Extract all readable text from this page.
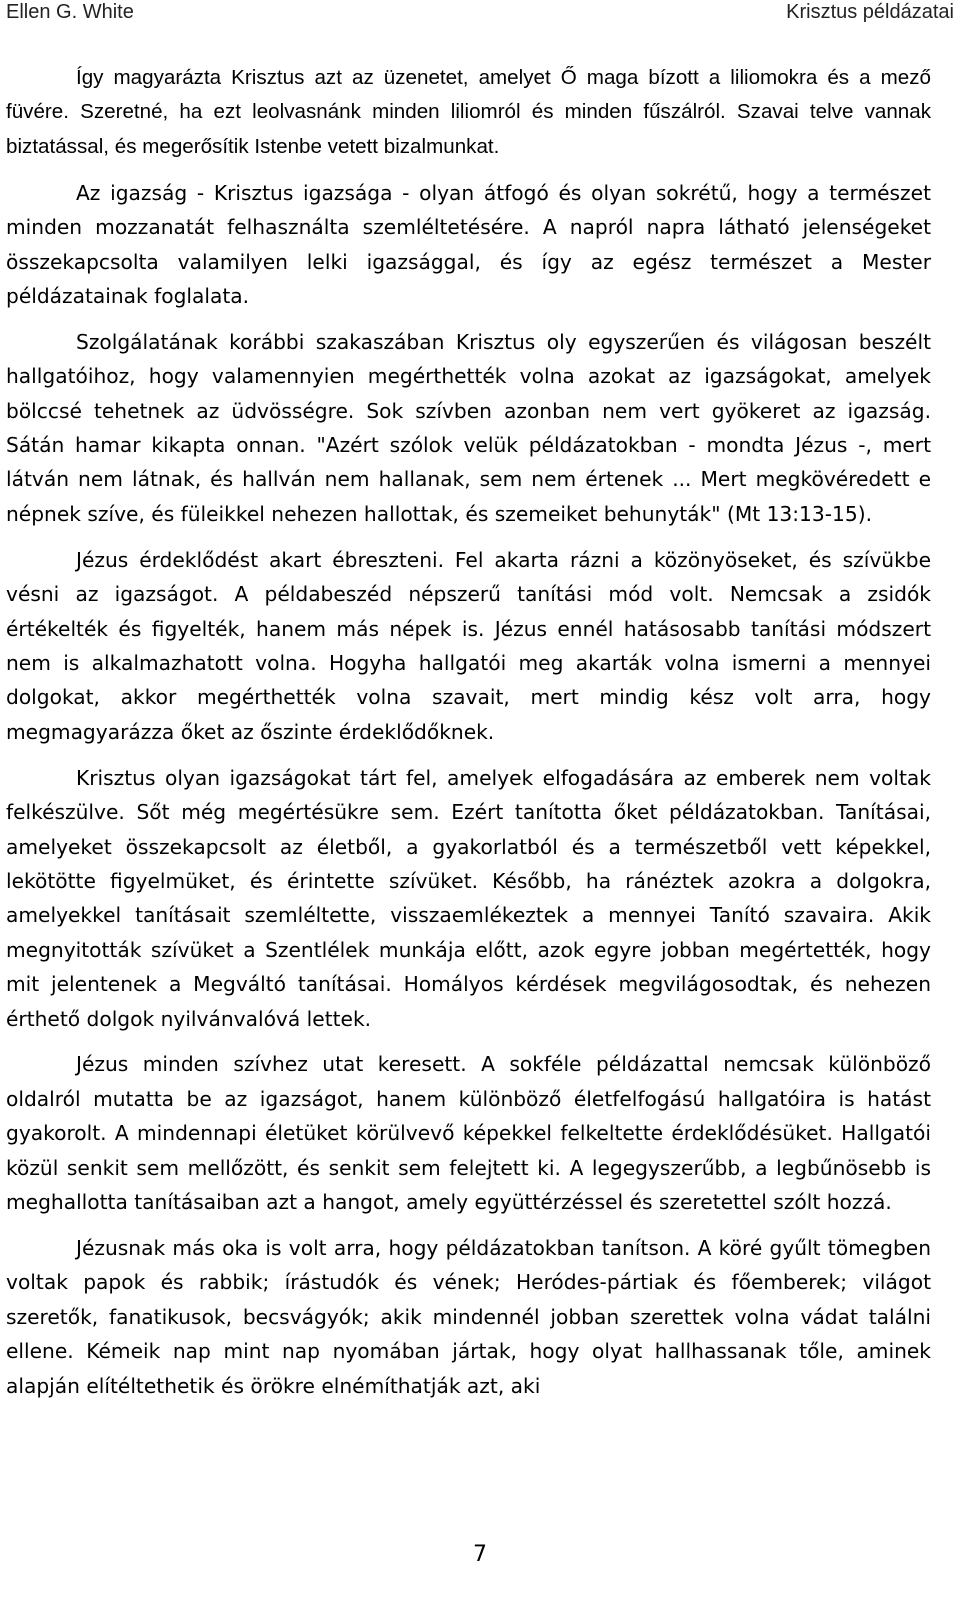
Ellen G. White	Krisztus példázatai

Így magyarázta Krisztus azt az üzenetet, amelyet Ő maga bízott a liliomokra és a mező füvére. Szeretné, ha ezt leolvasnánk minden liliomról és minden fűszálról. Szavai telve vannak biztatással, és megerősítik Istenbe vetett bizalmunkat.

Az igazság - Krisztus igazsága - olyan átfogó és olyan sokrétű, hogy a természet minden mozzanatát felhasználta szemléltetésére. A napról napra látható jelenségeket összekapcsolta valamilyen lelki igazsággal, és így az egész természet a Mester példázatainak foglalata.

Szolgálatának korábbi szakaszában Krisztus oly egyszerűen és világosan beszélt hallgatóihoz, hogy valamennyien megérthették volna azokat az igazságokat, amelyek bölccsé tehetnek az üdvösségre. Sok szívben azonban nem vert gyökeret az igazság. Sátán hamar kikapta onnan. "Azért szólok velük példázatokban - mondta Jézus -, mert látván nem látnak, és hallván nem hallanak, sem nem értenek ... Mert megkövéredett e népnek szíve, és füleikkel nehezen hallottak, és szemeiket behunyták" (Mt 13:13-15).

Jézus érdeklődést akart ébreszteni. Fel akarta rázni a közönyöseket, és szívükbe vésni az igazságot. A példabeszéd népszerű tanítási mód volt. Nemcsak a zsidók értékelték és figyelték, hanem más népek is. Jézus ennél hatásosabb tanítási módszert nem is alkalmazhatott volna. Hogyha hallgatói meg akarták volna ismerni a mennyei dolgokat, akkor megérthették volna szavait, mert mindig kész volt arra, hogy megmagyarázza őket az őszinte érdeklődőknek.

Krisztus olyan igazságokat tárt fel, amelyek elfogadására az emberek nem voltak felkészülve. Sőt még megértésükre sem. Ezért tanította őket példázatokban. Tanításai, amelyeket összekapcsolt az életből, a gyakorlatból és a természetből vett képekkel, lekötötte figyelmüket, és érintette szívüket. Később, ha ránéztek azokra a dolgokra, amelyekkel tanításait szemléltette, visszaemlékeztek a mennyei Tanító szavaira. Akik megnyitották szívüket a Szentlélek munkája előtt, azok egyre jobban megértették, hogy mit jelentenek a Megváltó tanításai. Homályos kérdések megvilágosodtak, és nehezen érthető dolgok nyilvánvalóvá lettek.

Jézus minden szívhez utat keresett. A sokféle példázattal nemcsak különböző oldalról mutatta be az igazságot, hanem különböző életfelfogású hallgatóira is hatást gyakorolt. A mindennapi életüket körülvevő képekkel felkeltette érdeklődésüket. Hallgatói közül senkit sem mellőzött, és senkit sem felejtett ki. A legegyszerűbb, a legbűnösebb is meghallotta tanításaiban azt a hangot, amely együttérzéssel és szeretettel szólt hozzá.

Jézusnak más oka is volt arra, hogy példázatokban tanítson. A köré gyűlt tömegben voltak papok és rabbik; írástudók és vének; Heródes-pártiak és főemberek; világot szeretők, fanatikusok, becsvágyók; akik mindennél jobban szerettek volna vádat találni ellene. Kémeik nap mint nap nyomában jártak, hogy olyat hallhassanak tőle, aminek alapján elítéltethetik és örökre elnémíthatják azt, aki

7
